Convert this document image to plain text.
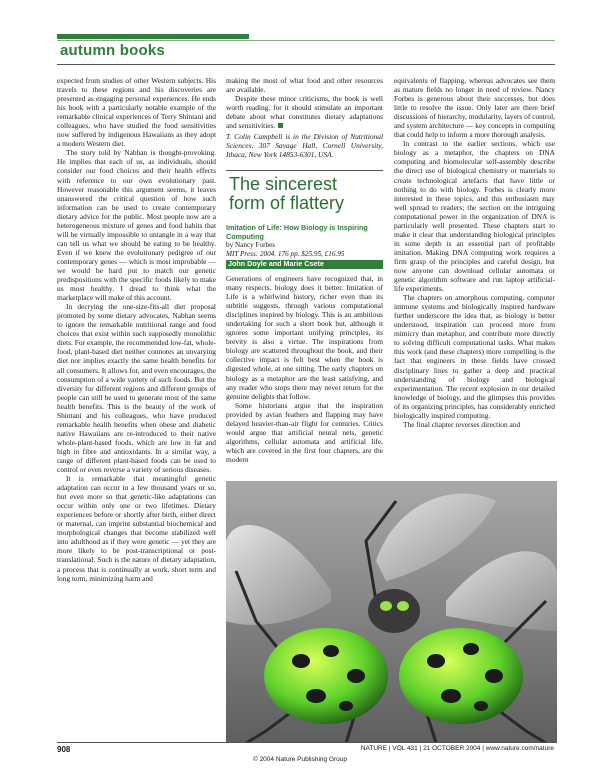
autumn books

expected from studies of other Western subjects. His travels to these regions and his discoveries are presented as engaging personal experiences. He ends his book with a particularly notable example of the remarkable clinical experiences of Terry Shintani and colleagues, who have studied the food sensitivities now suffered by indigenous Hawaiians as they adopt a modern Western diet.

The story told by Nabhan is thought-provoking. He implies that each of us, as individuals, should consider our food choices and their health effects with reference to our own evolutionary past. However reasonable this argument seems, it leaves unanswered the critical question of how such information can be used to create contemporary dietary advice for the public. Most people now are a heterogeneous mixture of genes and food habits that will be virtually impossible to untangle in a way that can tell us what we should be eating to be healthy. Even if we knew the evolutionary pedigree of our contemporary genes — which is most improbable — we would be hard put to match our genetic predispositions with the specific foods likely to make us most healthy. I dread to think what the marketplace will make of this account.

In decrying the one-size-fits-all diet proposal promoted by some dietary advocates, Nabhan seems to ignore the remarkable nutritional range and food choices that exist within such supposedly monolithic diets. For example, the recommended low-fat, whole-food, plant-based diet neither connotes an unvarying diet nor implies exactly the same health benefits for all consumers. It allows for, and even encourages, the consumption of a wide variety of such foods. But the diversity for different regions and different groups of people can still be used to generate most of the same health benefits. This is the beauty of the work of Shintani and his colleagues, who have produced remarkable health benefits when obese and diabetic native Hawaiians are re-introduced to their native whole-plant-based foods, which are low in fat and high in fibre and antioxidants. In a similar way, a range of different plant-based foods can be used to control or even reverse a variety of serious diseases.

It is remarkable that meaningful genetic adaptation can occur in a few thousand years or so, but even more so that genetic-like adaptations can occur within only one or two lifetimes. Dietary experiences before or shortly after birth, either direct or maternal, can imprint substantial biochemical and morphological changes that become stabilized well into adulthood as if they were genetic — yet they are more likely to be post-transcriptional or post-translational. Such is the nature of dietary adaptation, a process that is continually at work, short term and long term, minimizing harm and

making the most of what food and other resources are available.

Despite these minor criticisms, the book is well worth reading, for it should stimulate an important debate about what constitutes dietary adaptations and sensitivities.

T. Colin Campbell is in the Division of Nutritional Sciences, 307 Savage Hall, Cornell University, Ithaca, New York 14853-6301, USA.

The sincerest
form of flattery
Imitation of Life: How Biology is Inspiring Computing
by Nancy Forbes
MIT Press: 2004. 176 pp. $25.95, £16.95
John Doyle and Marie Csete

Generations of engineers have recognized that, in many respects, biology does it better. Imitation of Life is a whirlwind history, richer even than its subtitle suggests, through various computational disciplines inspired by biology. This is an ambitious undertaking for such a short book but, although it ignores some important unifying principles, its brevity is also a virtue. The inspirations from biology are scattered throughout the book, and their collective impact is felt best when the book is digested whole, at one sitting. The early chapters on biology as a metaphor are the least satisfying, and any reader who stops there may never return for the genuine delights that follow.

Some historians argue that the inspiration provided by avian feathers and flapping may have delayed heavier-than-air flight for centuries. Critics would argue that artificial neural nets, genetic algorithms, cellular automata and artificial life, which are covered in the first four chapters, are the modern

equivalents of flapping, whereas advocates see them as mature fields no longer in need of review. Nancy Forbes is generous about their successes, but does little to resolve the issue. Only later are there brief discussions of hierarchy, modularity, layers of control, and system architecture — key concepts in computing that could help to inform a more thorough analysis.

In contrast to the earlier sections, which use biology as a metaphor, the chapters on DNA computing and biomolecular self-assembly describe the direct use of biological chemistry or materials to create technological artefacts that have little or nothing to do with biology. Forbes is clearly more interested in these topics, and this enthusiasm may well spread to readers; the section on the intriguing computational power in the organization of DNA is particularly well presented. These chapters start to make it clear that understanding biological principles in some depth is an essential part of profitable imitation. Making DNA computing work requires a firm grasp of the principles and careful design, but now anyone can download cellular automata or genetic algorithm software and run laptop artificial-life experiments.

The chapters on amorphous computing, computer immune systems and biologically inspired hardware further underscore the idea that, as biology is better understood, inspiration can proceed more from mimicry than metaphor, and contribute more directly to solving difficult computational tasks. What makes this work (and these chapters) more compelling is the fact that engineers in these fields have crossed disciplinary lines to gather a deep and practical understanding of biology and biological experimentation. The recent explosion in our detailed knowledge of biology, and the glimpses this provides of its organizing principles, has considerably enriched biologically inspired computing.

The final chapter reverses direction and

908	NATURE | VOL 431 | 21 OCTOBER 2004 | www.nature.com/nature
© 2004 Nature Publishing Group
